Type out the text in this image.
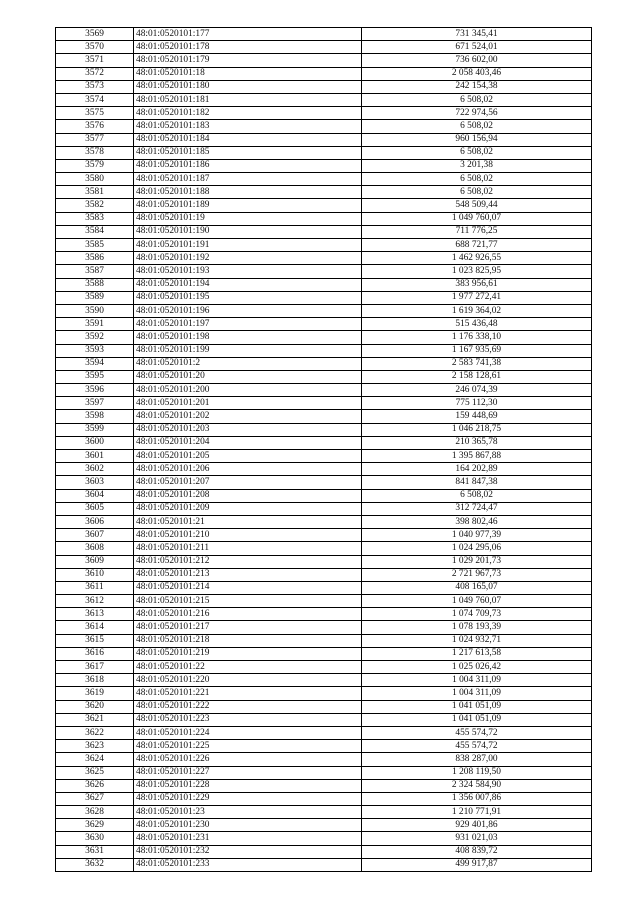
3569	48:01:0520101:177	731 345,41
3570	48:01:0520101:178	671 524,01
3571	48:01:0520101:179	736 602,00
3572	48:01:0520101:18	2 058 403,46
3573	48:01:0520101:180	242 154,38
3574	48:01:0520101:181	6 508,02
3575	48:01:0520101:182	722 974,56
3576	48:01:0520101:183	6 508,02
3577	48:01:0520101:184	960 156,94
3578	48:01:0520101:185	6 508,02
3579	48:01:0520101:186	3 201,38
3580	48:01:0520101:187	6 508,02
3581	48:01:0520101:188	6 508,02
3582	48:01:0520101:189	548 509,44
3583	48:01:0520101:19	1 049 760,07
3584	48:01:0520101:190	711 776,25
3585	48:01:0520101:191	688 721,77
3586	48:01:0520101:192	1 462 926,55
3587	48:01:0520101:193	1 023 825,95
3588	48:01:0520101:194	383 956,61
3589	48:01:0520101:195	1 977 272,41
3590	48:01:0520101:196	1 619 364,02
3591	48:01:0520101:197	515 436,48
3592	48:01:0520101:198	1 176 338,10
3593	48:01:0520101:199	1 167 935,69
3594	48:01:0520101:2	2 583 741,38
3595	48:01:0520101:20	2 158 128,61
3596	48:01:0520101:200	246 074,39
3597	48:01:0520101:201	775 112,30
3598	48:01:0520101:202	159 448,69
3599	48:01:0520101:203	1 046 218,75
3600	48:01:0520101:204	210 365,78
3601	48:01:0520101:205	1 395 867,88
3602	48:01:0520101:206	164 202,89
3603	48:01:0520101:207	841 847,38
3604	48:01:0520101:208	6 508,02
3605	48:01:0520101:209	312 724,47
3606	48:01:0520101:21	398 802,46
3607	48:01:0520101:210	1 040 977,39
3608	48:01:0520101:211	1 024 295,06
3609	48:01:0520101:212	1 029 201,73
3610	48:01:0520101:213	2 721 967,73
3611	48:01:0520101:214	408 165,07
3612	48:01:0520101:215	1 049 760,07
3613	48:01:0520101:216	1 074 709,73
3614	48:01:0520101:217	1 078 193,39
3615	48:01:0520101:218	1 024 932,71
3616	48:01:0520101:219	1 217 613,58
3617	48:01:0520101:22	1 025 026,42
3618	48:01:0520101:220	1 004 311,09
3619	48:01:0520101:221	1 004 311,09
3620	48:01:0520101:222	1 041 051,09
3621	48:01:0520101:223	1 041 051,09
3622	48:01:0520101:224	455 574,72
3623	48:01:0520101:225	455 574,72
3624	48:01:0520101:226	838 287,00
3625	48:01:0520101:227	1 208 119,50
3626	48:01:0520101:228	2 324 584,90
3627	48:01:0520101:229	1 356 007,86
3628	48:01:0520101:23	1 210 771,91
3629	48:01:0520101:230	929 401,86
3630	48:01:0520101:231	931 021,03
3631	48:01:0520101:232	408 839,72
3632	48:01:0520101:233	499 917,87
